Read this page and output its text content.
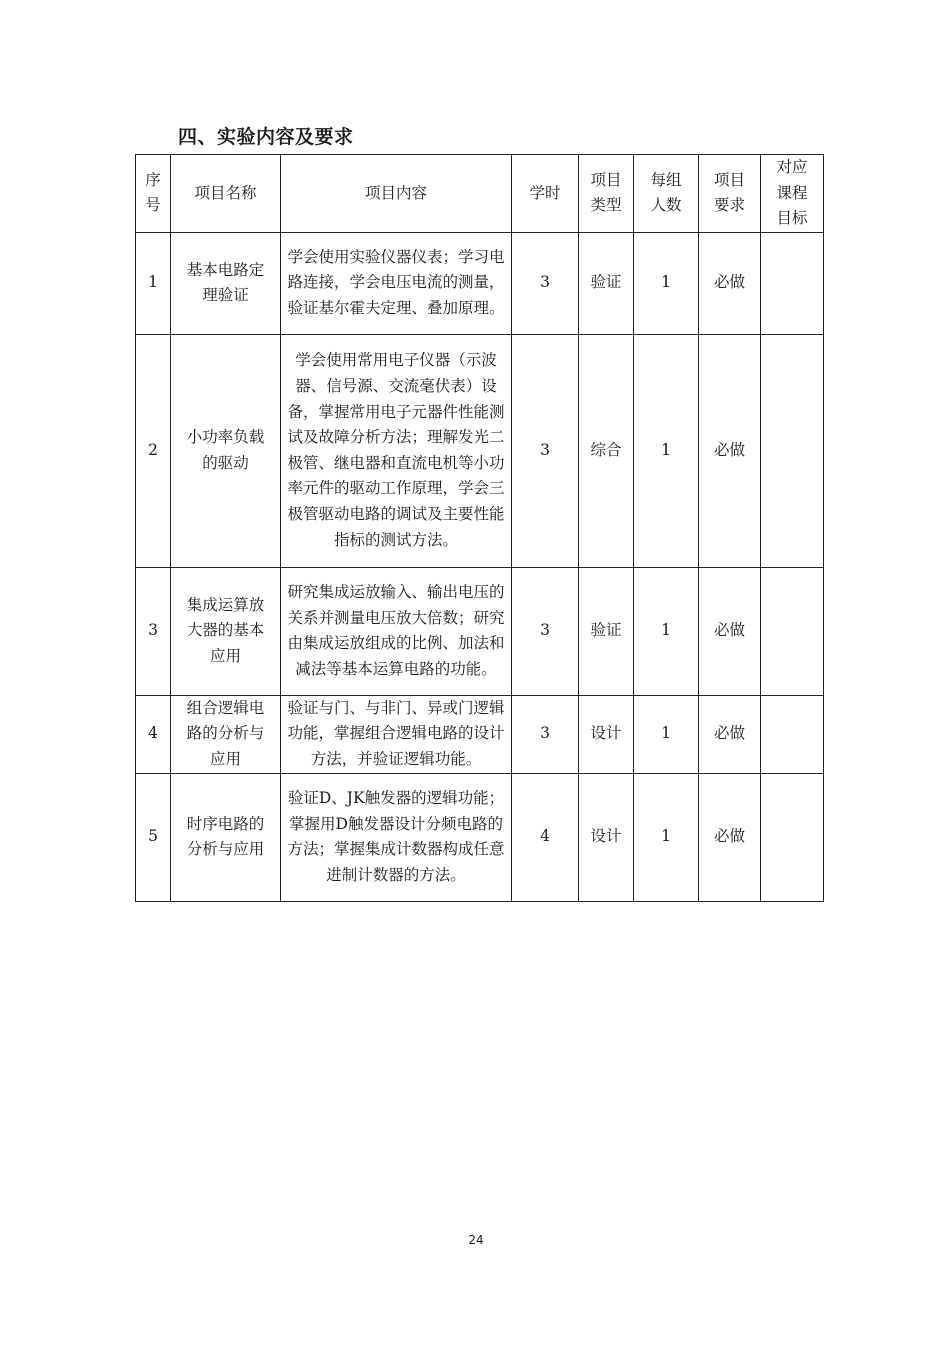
四、实验内容及要求
序号	项目名称	项目内容	学时	项目类型	每组人数	项目要求	对应课程目标
1	基本电路定理验证	学会使用实验仪器仪表；学习电路连接，学会电压电流的测量，验证基尔霍夫定理、叠加原理。	3	验证	1	必做	
2	小功率负载的驱动	学会使用常用电子仪器（示波器、信号源、交流毫伏表）设备，掌握常用电子元器件性能测试及故障分析方法；理解发光二极管、继电器和直流电机等小功率元件的驱动工作原理，学会三极管驱动电路的调试及主要性能指标的测试方法。	3	综合	1	必做	
3	集成运算放大器的基本应用	研究集成运放输入、输出电压的关系并测量电压放大倍数；研究由集成运放组成的比例、加法和减法等基本运算电路的功能。	3	验证	1	必做	
4	组合逻辑电路的分析与应用	验证与门、与非门、异或门逻辑功能，掌握组合逻辑电路的设计方法，并验证逻辑功能。	3	设计	1	必做	
5	时序电路的分析与应用	验证D、JK触发器的逻辑功能；掌握用D触发器设计分频电路的方法；掌握集成计数器构成任意进制计数器的方法。	4	设计	1	必做	
24
